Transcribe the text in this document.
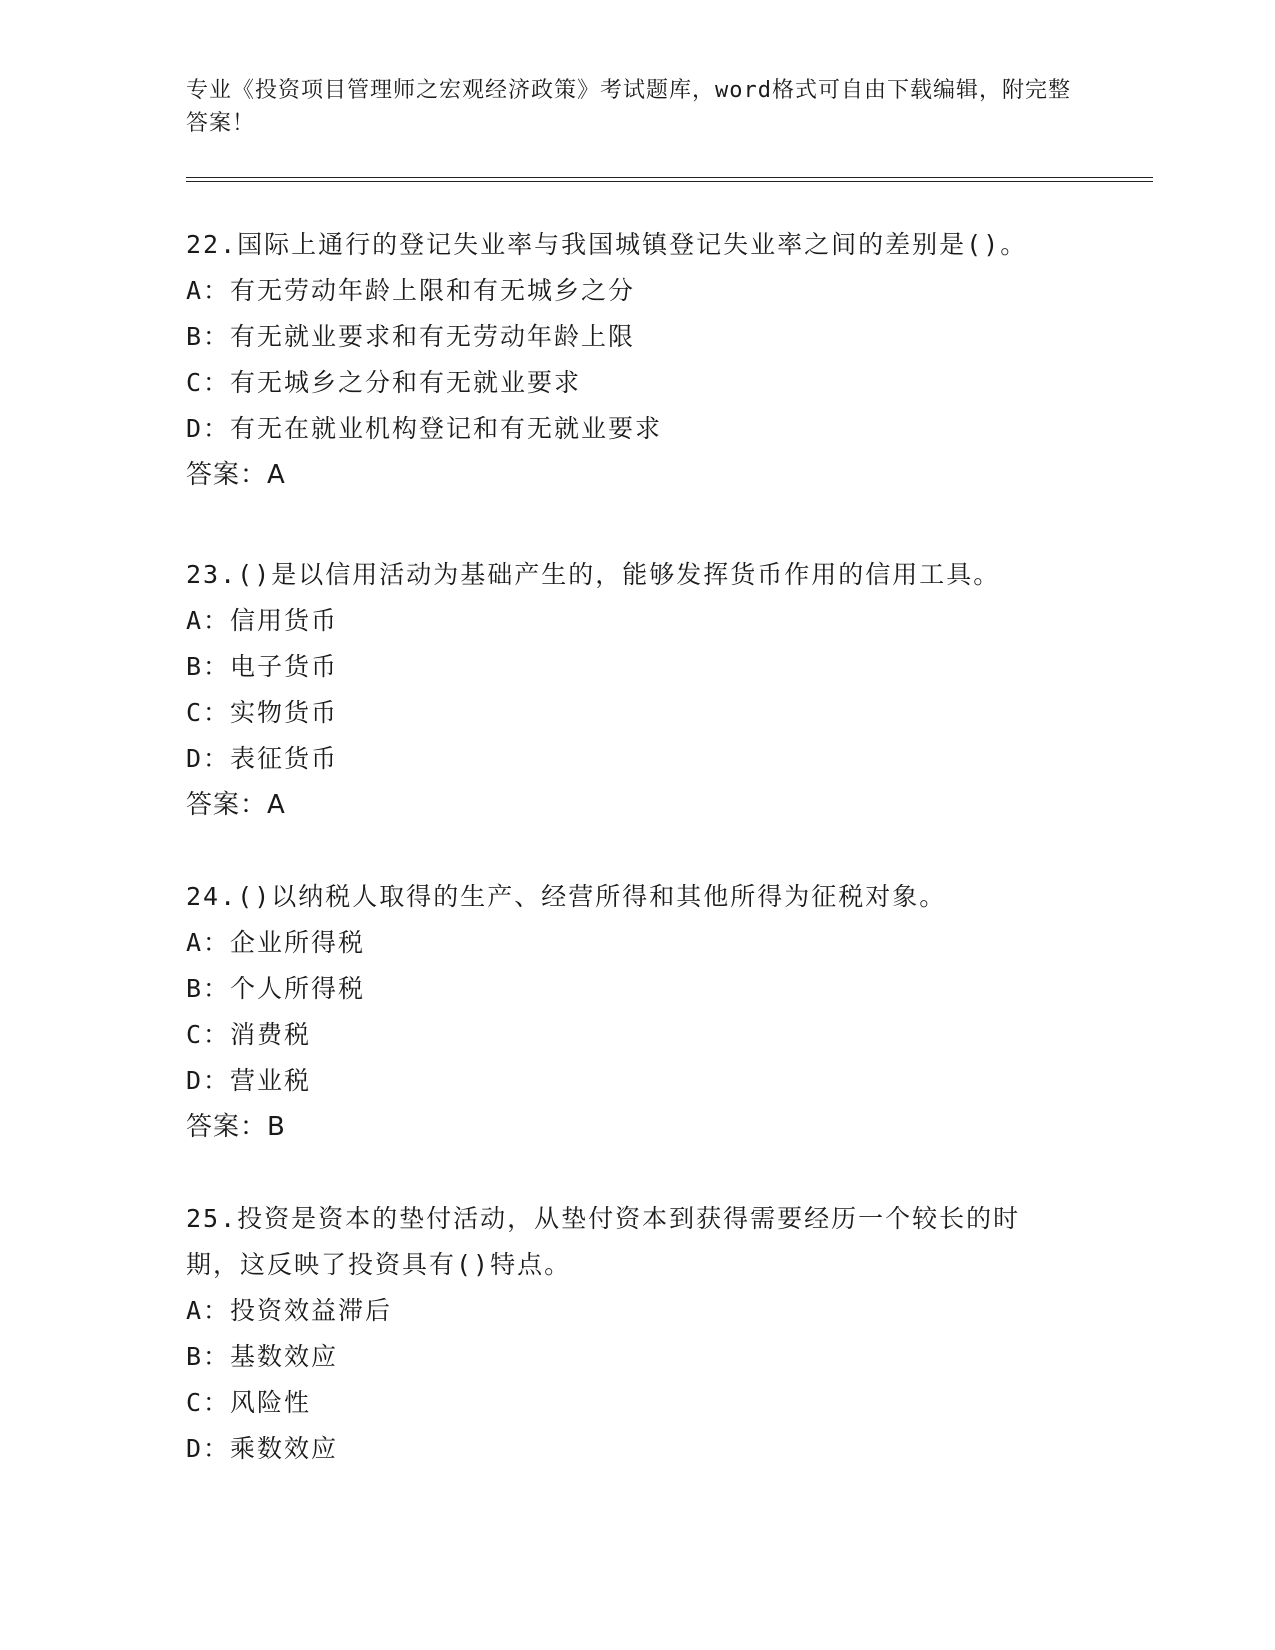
专业《投资项目管理师之宏观经济政策》考试题库，word格式可自由下载编辑，附完整答案！
22.国际上通行的登记失业率与我国城镇登记失业率之间的差别是()。
A：有无劳动年龄上限和有无城乡之分
B：有无就业要求和有无劳动年龄上限
C：有无城乡之分和有无就业要求
D：有无在就业机构登记和有无就业要求
答案：A
23.()是以信用活动为基础产生的，能够发挥货币作用的信用工具。
A：信用货币
B：电子货币
C：实物货币
D：表征货币
答案：A
24.()以纳税人取得的生产、经营所得和其他所得为征税对象。
A：企业所得税
B：个人所得税
C：消费税
D：营业税
答案：B
25.投资是资本的垫付活动，从垫付资本到获得需要经历一个较长的时期，这反映了投资具有()特点。
A：投资效益滞后
B：基数效应
C：风险性
D：乘数效应
